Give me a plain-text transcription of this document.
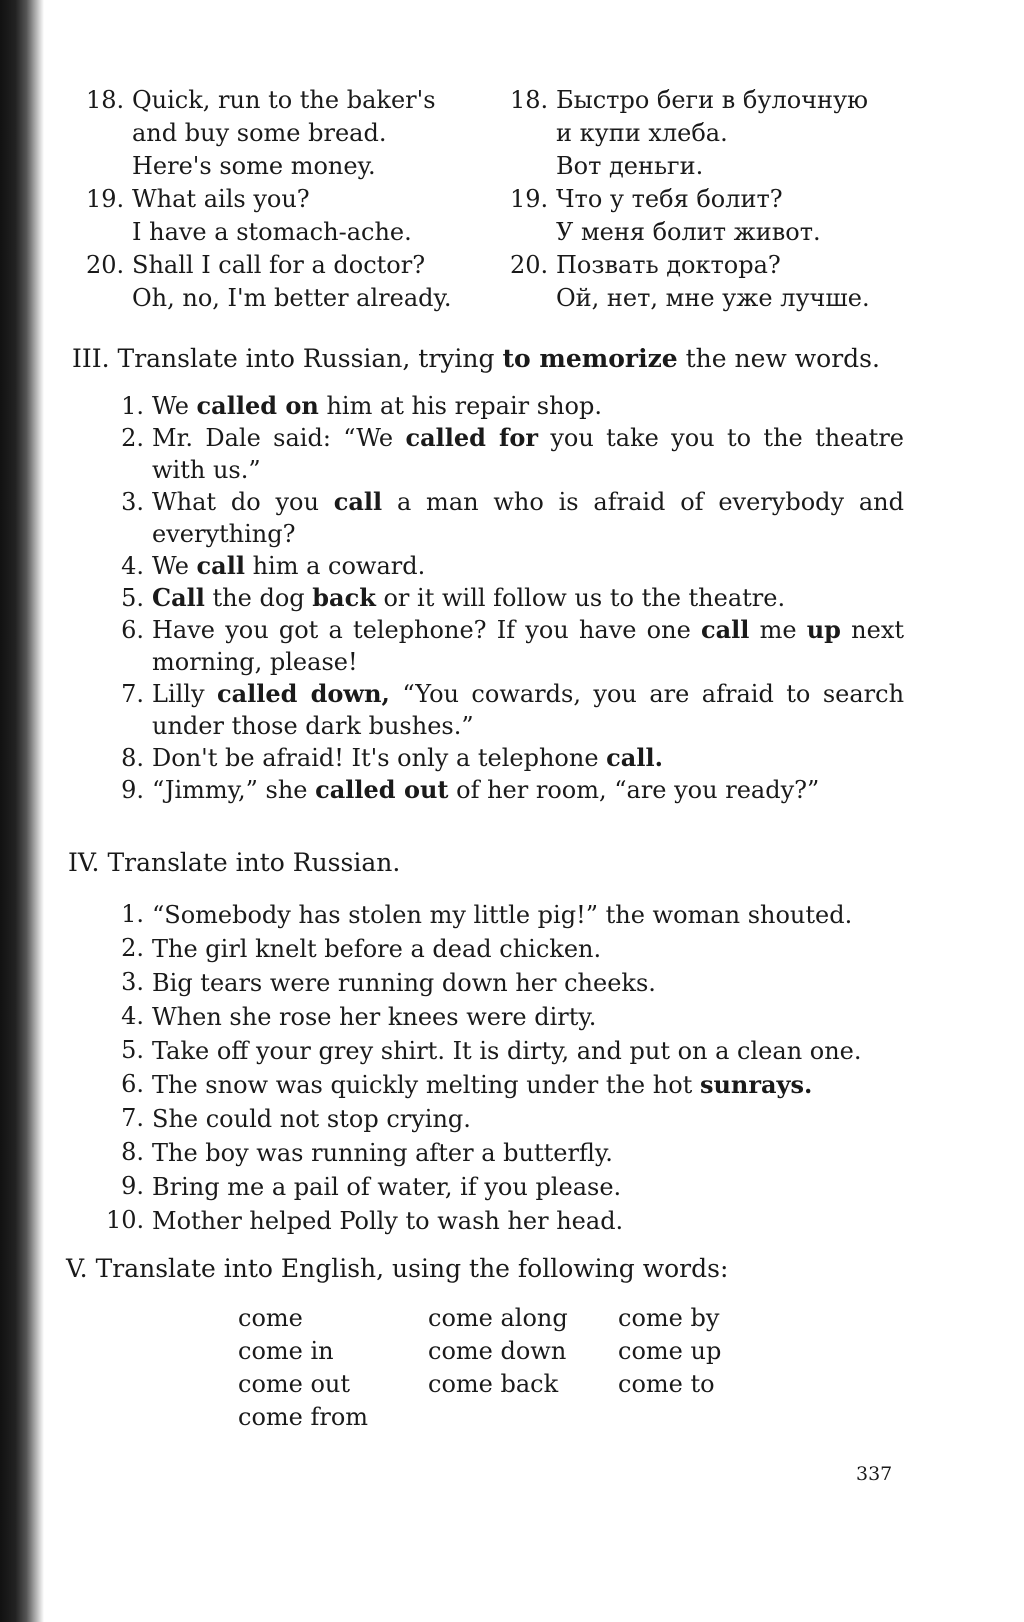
18. Quick, run to the baker's
and buy some bread.
Here's some money.
18. Быстро беги в булочную
и купи хлеба.
Вот деньги.
19. What ails you?
I have a stomach-ache.
19. Что у тебя болит?
У меня болит живот.
20. Shall I call for a doctor?
Oh, no, I'm better already.
20. Позвать доктора?
Ой, нет, мне уже лучше.
III. Translate into Russian, trying to memorize the new words.
1. We called on him at his repair shop.
2. Mr. Dale said: “We called for you take you to the theatre with us.”
3. What do you call a man who is afraid of everybody and everything?
4. We call him a coward.
5. Call the dog back or it will follow us to the theatre.
6. Have you got a telephone? If you have one call me up next morning, please!
7. Lilly called down, “You cowards, you are afraid to search under those dark bushes.”
8. Don't be afraid! It's only a telephone call.
9. “Jimmy,” she called out of her room, “are you ready?”
IV. Translate into Russian.
1. “Somebody has stolen my little pig!” the woman shouted.
2. The girl knelt before a dead chicken.
3. Big tears were running down her cheeks.
4. When she rose her knees were dirty.
5. Take off your grey shirt. It is dirty, and put on a clean one.
6. The snow was quickly melting under the hot sunrays.
7. She could not stop crying.
8. The boy was running after a butterfly.
9. Bring me a pail of water, if you please.
10. Mother helped Polly to wash her head.
V. Translate into English, using the following words:
come	come along	come by
come in	come down	come up
come out	come back	come to
come from
337
